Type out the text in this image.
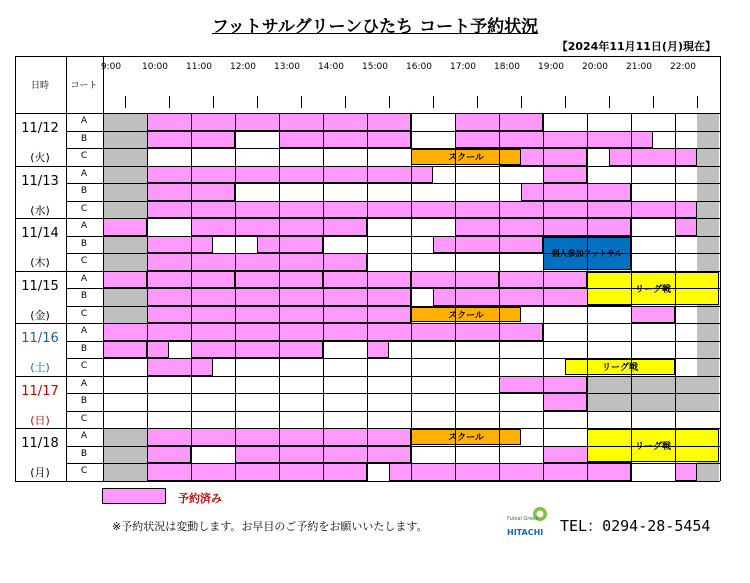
フットサルグリーンひたち コート予約状況
【2024年11月11日(月)現在】
9:00 10:00 11:00 12:00 13:00 14:00 15:00 16:00 17:00 18:00 19:00 20:00 21:00 22:00
スクール
個人参加フットサル
リーグ戦
スクール
リーグ戦
スクール
リーグ戦
11/12
(火)
A
B
C
11/13
(水)
A
B
C
11/14
(木)
A
B
C
11/15
(金)
A
B
C
11/16
(土)
A
B
C
11/17
(日)
A
B
C
11/18
(月)
A
B
C
日時	コート
予約済み
※予約状況は変動します。お早目のご予約をお願いいたします。
Futsal Green
HITACHI TEL：0294-28-5454
